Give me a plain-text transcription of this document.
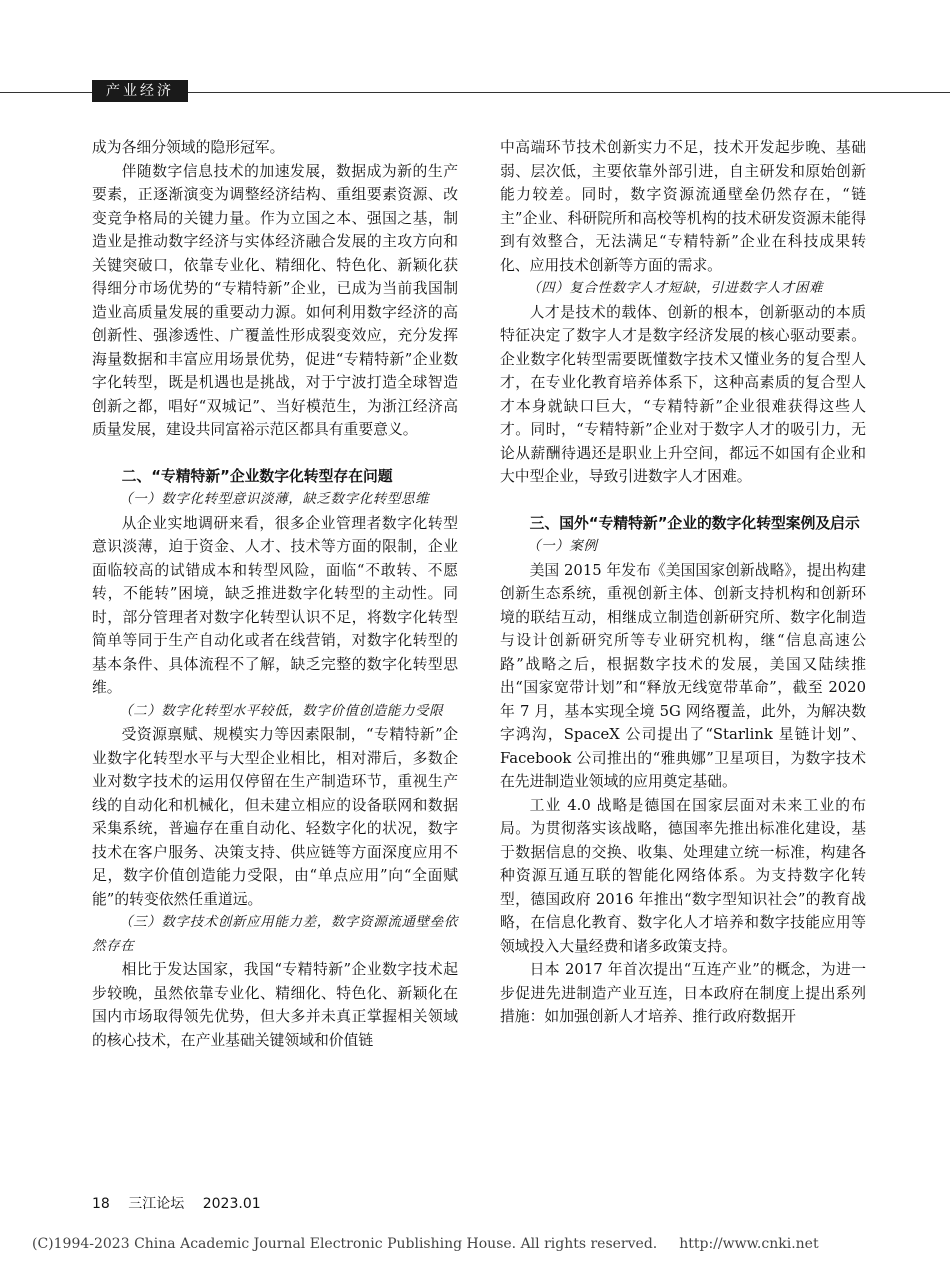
产业经济

成为各细分领域的隐形冠军。

伴随数字信息技术的加速发展，数据成为新的生产要素，正逐渐演变为调整经济结构、重组要素资源、改变竞争格局的关键力量。作为立国之本、强国之基，制造业是推动数字经济与实体经济融合发展的主攻方向和关键突破口，依靠专业化、精细化、特色化、新颖化获得细分市场优势的“专精特新”企业，已成为当前我国制造业高质量发展的重要动力源。如何利用数字经济的高创新性、强渗透性、广覆盖性形成裂变效应，充分发挥海量数据和丰富应用场景优势，促进“专精特新”企业数字化转型，既是机遇也是挑战，对于宁波打造全球智造创新之都，唱好“双城记”、当好模范生，为浙江经济高质量发展，建设共同富裕示范区都具有重要意义。

二、“专精特新”企业数字化转型存在问题

（一）数字化转型意识淡薄，缺乏数字化转型思维

从企业实地调研来看，很多企业管理者数字化转型意识淡薄，迫于资金、人才、技术等方面的限制，企业面临较高的试错成本和转型风险，面临“不敢转、不愿转，不能转”困境，缺乏推进数字化转型的主动性。同时，部分管理者对数字化转型认识不足，将数字化转型简单等同于生产自动化或者在线营销，对数字化转型的基本条件、具体流程不了解，缺乏完整的数字化转型思维。

（二）数字化转型水平较低，数字价值创造能力受限

受资源禀赋、规模实力等因素限制，“专精特新”企业数字化转型水平与大型企业相比，相对滞后，多数企业对数字技术的运用仅停留在生产制造环节，重视生产线的自动化和机械化，但未建立相应的设备联网和数据采集系统，普遍存在重自动化、轻数字化的状况，数字技术在客户服务、决策支持、供应链等方面深度应用不足，数字价值创造能力受限，由“单点应用”向“全面赋能”的转变依然任重道远。

（三）数字技术创新应用能力差，数字资源流通壁垒依然存在

相比于发达国家，我国“专精特新”企业数字技术起步较晚，虽然依靠专业化、精细化、特色化、新颖化在国内市场取得领先优势，但大多并未真正掌握相关领域的核心技术，在产业基础关键领域和价值链

中高端环节技术创新实力不足，技术开发起步晚、基础弱、层次低，主要依靠外部引进，自主研发和原始创新能力较差。同时，数字资源流通壁垒仍然存在，“链主”企业、科研院所和高校等机构的技术研发资源未能得到有效整合，无法满足“专精特新”企业在科技成果转化、应用技术创新等方面的需求。

（四）复合性数字人才短缺，引进数字人才困难

人才是技术的载体、创新的根本，创新驱动的本质特征决定了数字人才是数字经济发展的核心驱动要素。企业数字化转型需要既懂数字技术又懂业务的复合型人才，在专业化教育培养体系下，这种高素质的复合型人才本身就缺口巨大，“专精特新”企业很难获得这些人才。同时，“专精特新”企业对于数字人才的吸引力，无论从薪酬待遇还是职业上升空间，都远不如国有企业和大中型企业，导致引进数字人才困难。

三、国外“专精特新”企业的数字化转型案例及启示

（一）案例

美国 2015 年发布《美国国家创新战略》，提出构建创新生态系统，重视创新主体、创新支持机构和创新环境的联结互动，相继成立制造创新研究所、数字化制造与设计创新研究所等专业研究机构，继“信息高速公路”战略之后，根据数字技术的发展，美国又陆续推出“国家宽带计划”和“释放无线宽带革命”，截至 2020 年 7 月，基本实现全境 5G 网络覆盖，此外，为解决数字鸿沟，SpaceX 公司提出了“Starlink 星链计划”、Facebook 公司推出的“雅典娜”卫星项目，为数字技术在先进制造业领域的应用奠定基础。

工业 4.0 战略是德国在国家层面对未来工业的布局。为贯彻落实该战略，德国率先推出标准化建设，基于数据信息的交换、收集、处理建立统一标准，构建各种资源互通互联的智能化网络体系。为支持数字化转型，德国政府 2016 年推出“数字型知识社会”的教育战略，在信息化教育、数字化人才培养和数字技能应用等领域投入大量经费和诸多政策支持。

日本 2017 年首次提出“互连产业”的概念，为进一步促进先进制造产业互连，日本政府在制度上提出系列措施：如加强创新人才培养、推行政府数据开

18 三江论坛 2023.01
(C)1994-2023 China Academic Journal Electronic Publishing House. All rights reserved. http://www.cnki.net
